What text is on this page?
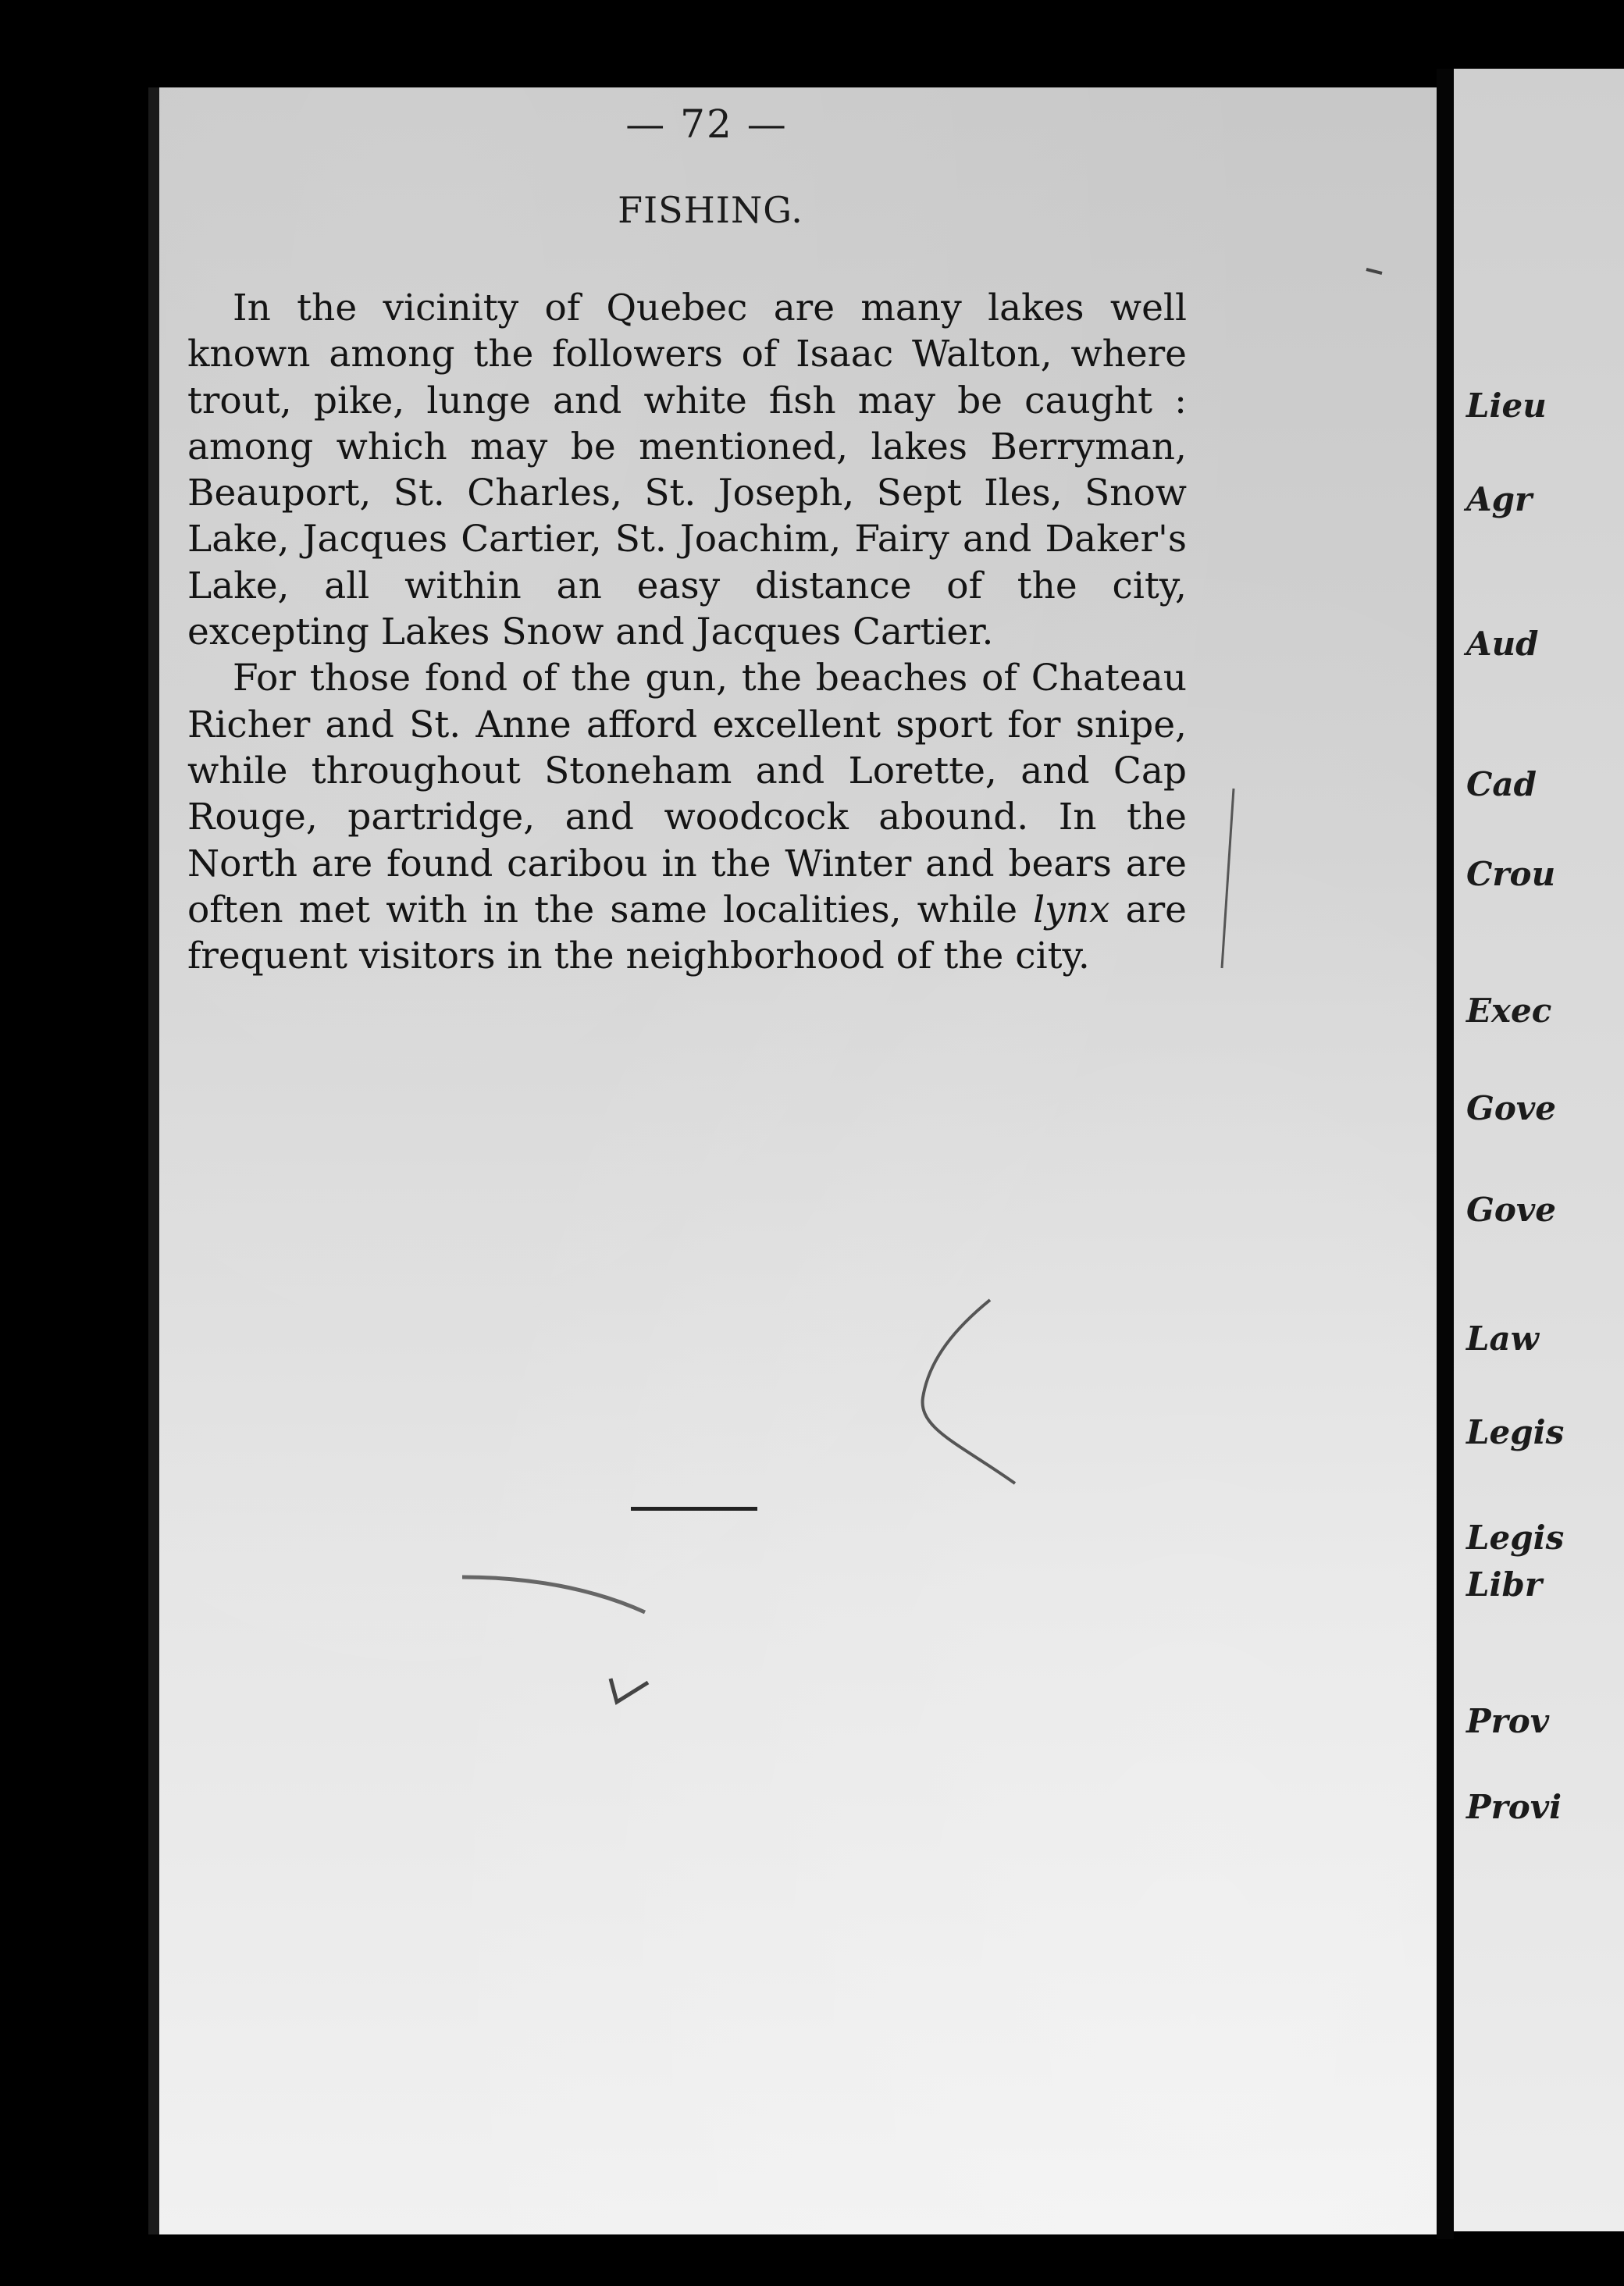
— 72 —
FISHING.

In the vicinity of Quebec are many lakes well known among the followers of Isaac Walton, where trout, pike, lunge and white fish may be caught : among which may be mentioned, lakes Berryman, Beauport, St. Charles, St. Joseph, Sept Iles, Snow Lake, Jacques Cartier, St. Joachim, Fairy and Daker's Lake, all within an easy distance of the city, excepting Lakes Snow and Jacques Cartier.

For those fond of the gun, the beaches of Chateau Richer and St. Anne afford excellent sport for snipe, while throughout Stoneham and Lorette, and Cap Rouge, partridge, and woodcock abound. In the North are found caribou in the Winter and bears are often met with in the same localities, while lynx are frequent visitors in the neighborhood of the city.

Lieu
Agr
Aud
Cad
Crou
Exec
Gove
Gove
Law
Legis
Legis
Libr
Prov
Provi
